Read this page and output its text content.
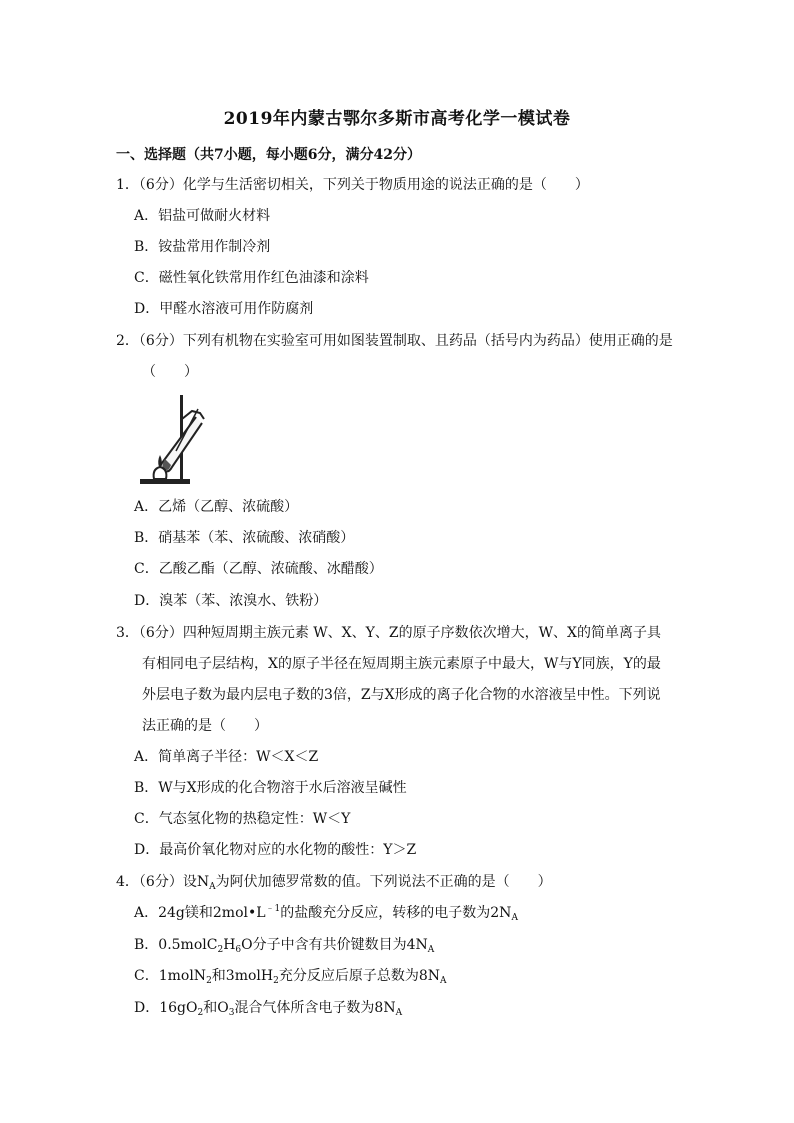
2019年内蒙古鄂尔多斯市高考化学一模试卷
一、选择题（共7小题，每小题6分，满分42分）
1．（6分）化学与生活密切相关，下列关于物质用途的说法正确的是（　　）
A．铝盐可做耐火材料
B．铵盐常用作制冷剂
C．磁性氧化铁常用作红色油漆和涂料
D．甲醛水溶液可用作防腐剂
2．（6分）下列有机物在实验室可用如图装置制取、且药品（括号内为药品）使用正确的是
（　　）
A．乙烯（乙醇、浓硫酸）
B．硝基苯（苯、浓硫酸、浓硝酸）
C．乙酸乙酯（乙醇、浓硫酸、冰醋酸）
D．溴苯（苯、浓溴水、铁粉）
3．（6分）四种短周期主族元素 W、X、Y、Z的原子序数依次增大，W、X的简单离子具
有相同电子层结构，X的原子半径在短周期主族元素原子中最大，W与Y同族，Y的最
外层电子数为最内层电子数的3倍，Z与X形成的离子化合物的水溶液呈中性。下列说
法正确的是（　　）
A．简单离子半径：W＜X＜Z
B．W与X形成的化合物溶于水后溶液呈碱性
C．气态氢化物的热稳定性：W＜Y
D．最高价氧化物对应的水化物的酸性：Y＞Z
4．（6分）设$N_A$为阿伏加德罗常数的值。下列说法不正确的是（　　）
A．24g镁和$2mol•L^{﹣1}$的盐酸充分反应，转移的电子数为$2N_A$
B．$0.5molC_2H_6O$分子中含有共价键数目为$4N_A$
C．1molN$_2$和3molH$_2$充分反应后原子总数为$8N_A$
D．$16gO_2$和$O_3$混合气体所含电子数为$8N_A$
